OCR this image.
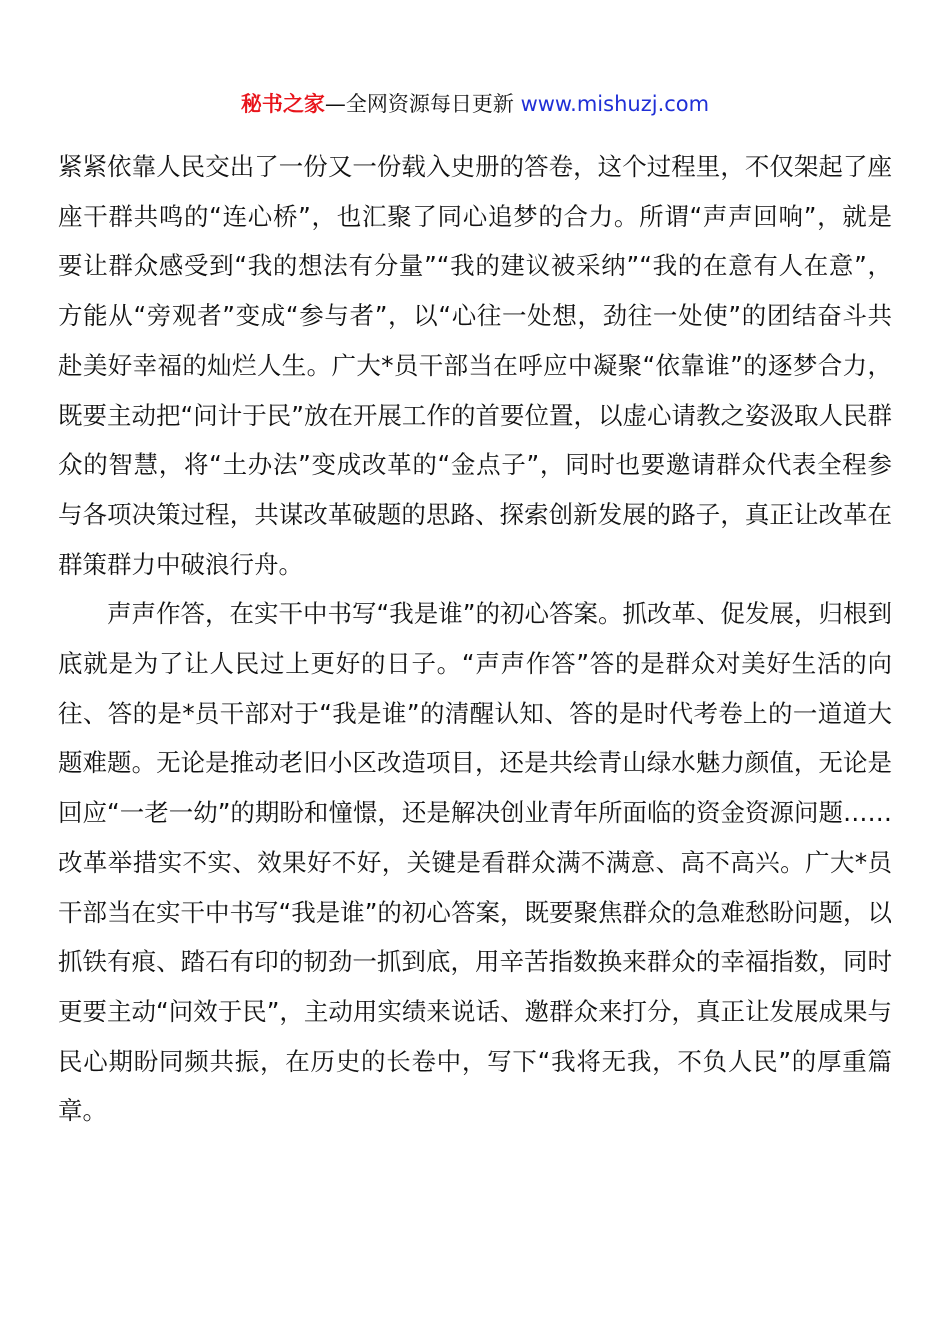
秘书之家—全网资源每日更新 www.mishuzj.com

紧紧依靠人民交出了一份又一份载入史册的答卷，这个过程里，不仅架起了座座干群共鸣的“连心桥”，也汇聚了同心追梦的合力。所谓“声声回响”，就是要让群众感受到“我的想法有分量”“我的建议被采纳”“我的在意有人在意”，方能从“旁观者”变成“参与者”，以“心往一处想，劲往一处使”的团结奋斗共赴美好幸福的灿烂人生。广大*员干部当在呼应中凝聚“依靠谁”的逐梦合力，既要主动把“问计于民”放在开展工作的首要位置，以虚心请教之姿汲取人民群众的智慧，将“土办法”变成改革的“金点子”，同时也要邀请群众代表全程参与各项决策过程，共谋改革破题的思路、探索创新发展的路子，真正让改革在群策群力中破浪行舟。

声声作答，在实干中书写“我是谁”的初心答案。抓改革、促发展，归根到底就是为了让人民过上更好的日子。“声声作答”答的是群众对美好生活的向往、答的是*员干部对于“我是谁”的清醒认知、答的是时代考卷上的一道道大题难题。无论是推动老旧小区改造项目，还是共绘青山绿水魅力颜值，无论是回应“一老一幼”的期盼和憧憬，还是解决创业青年所面临的资金资源问题……改革举措实不实、效果好不好，关键是看群众满不满意、高不高兴。广大*员干部当在实干中书写“我是谁”的初心答案，既要聚焦群众的急难愁盼问题，以抓铁有痕、踏石有印的韧劲一抓到底，用辛苦指数换来群众的幸福指数，同时更要主动“问效于民”，主动用实绩来说话、邀群众来打分，真正让发展成果与民心期盼同频共振，在历史的长卷中，写下“我将无我，不负人民”的厚重篇章。
